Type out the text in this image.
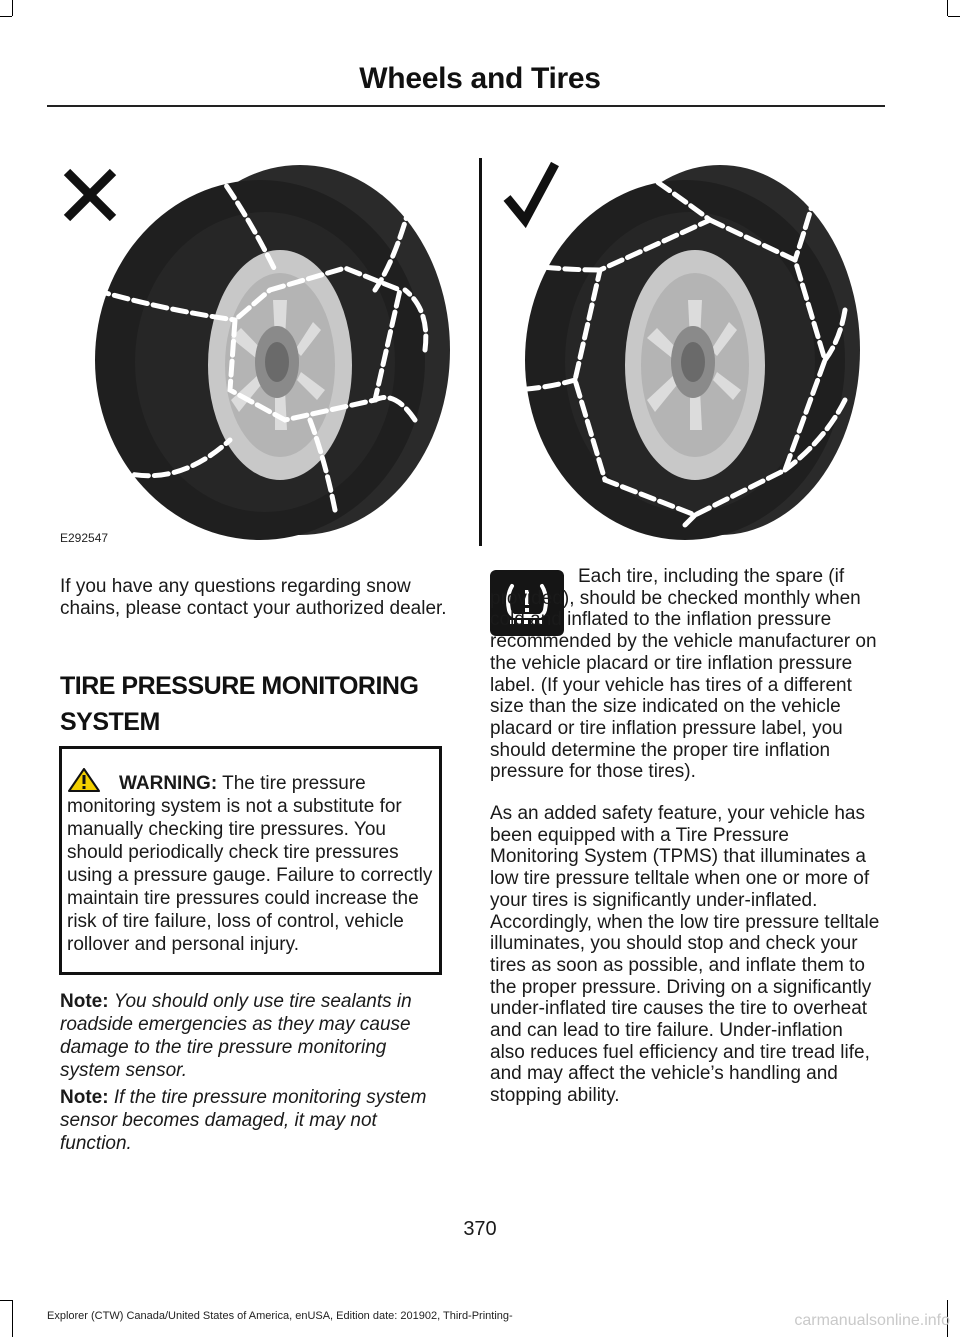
Wheels and Tires
E292547

If you have any questions regarding snow chains, please contact your authorized dealer.

TIRE PRESSURE MONITORING SYSTEM
WARNING: The tire pressure monitoring system is not a substitute for manually checking tire pressures. You should periodically check tire pressures using a pressure gauge. Failure to correctly maintain tire pressures could increase the risk of tire failure, loss of control, vehicle rollover and personal injury.
Note: You should only use tire sealants in roadside emergencies as they may cause damage to the tire pressure monitoring system sensor.
Note: If the tire pressure monitoring system sensor becomes damaged, it may not function.

Each tire, including the spare (if provided), should be checked monthly when cold and inflated to the inflation pressure recommended by the vehicle manufacturer on the vehicle placard or tire inflation pressure label. (If your vehicle has tires of a different size than the size indicated on the vehicle placard or tire inflation pressure label, you should determine the proper tire inflation pressure for those tires).

As an added safety feature, your vehicle has been equipped with a Tire Pressure Monitoring System (TPMS) that illuminates a low tire pressure telltale when one or more of your tires is significantly under-inflated. Accordingly, when the low tire pressure telltale illuminates, you should stop and check your tires as soon as possible, and inflate them to the proper pressure. Driving on a significantly under-inflated tire causes the tire to overheat and can lead to tire failure. Under-inflation also reduces fuel efficiency and tire tread life, and may affect the vehicle’s handling and stopping ability.

370
Explorer (CTW) Canada/United States of America, enUSA, Edition date: 201902, Third-Printing-	carmanualsonline.info
